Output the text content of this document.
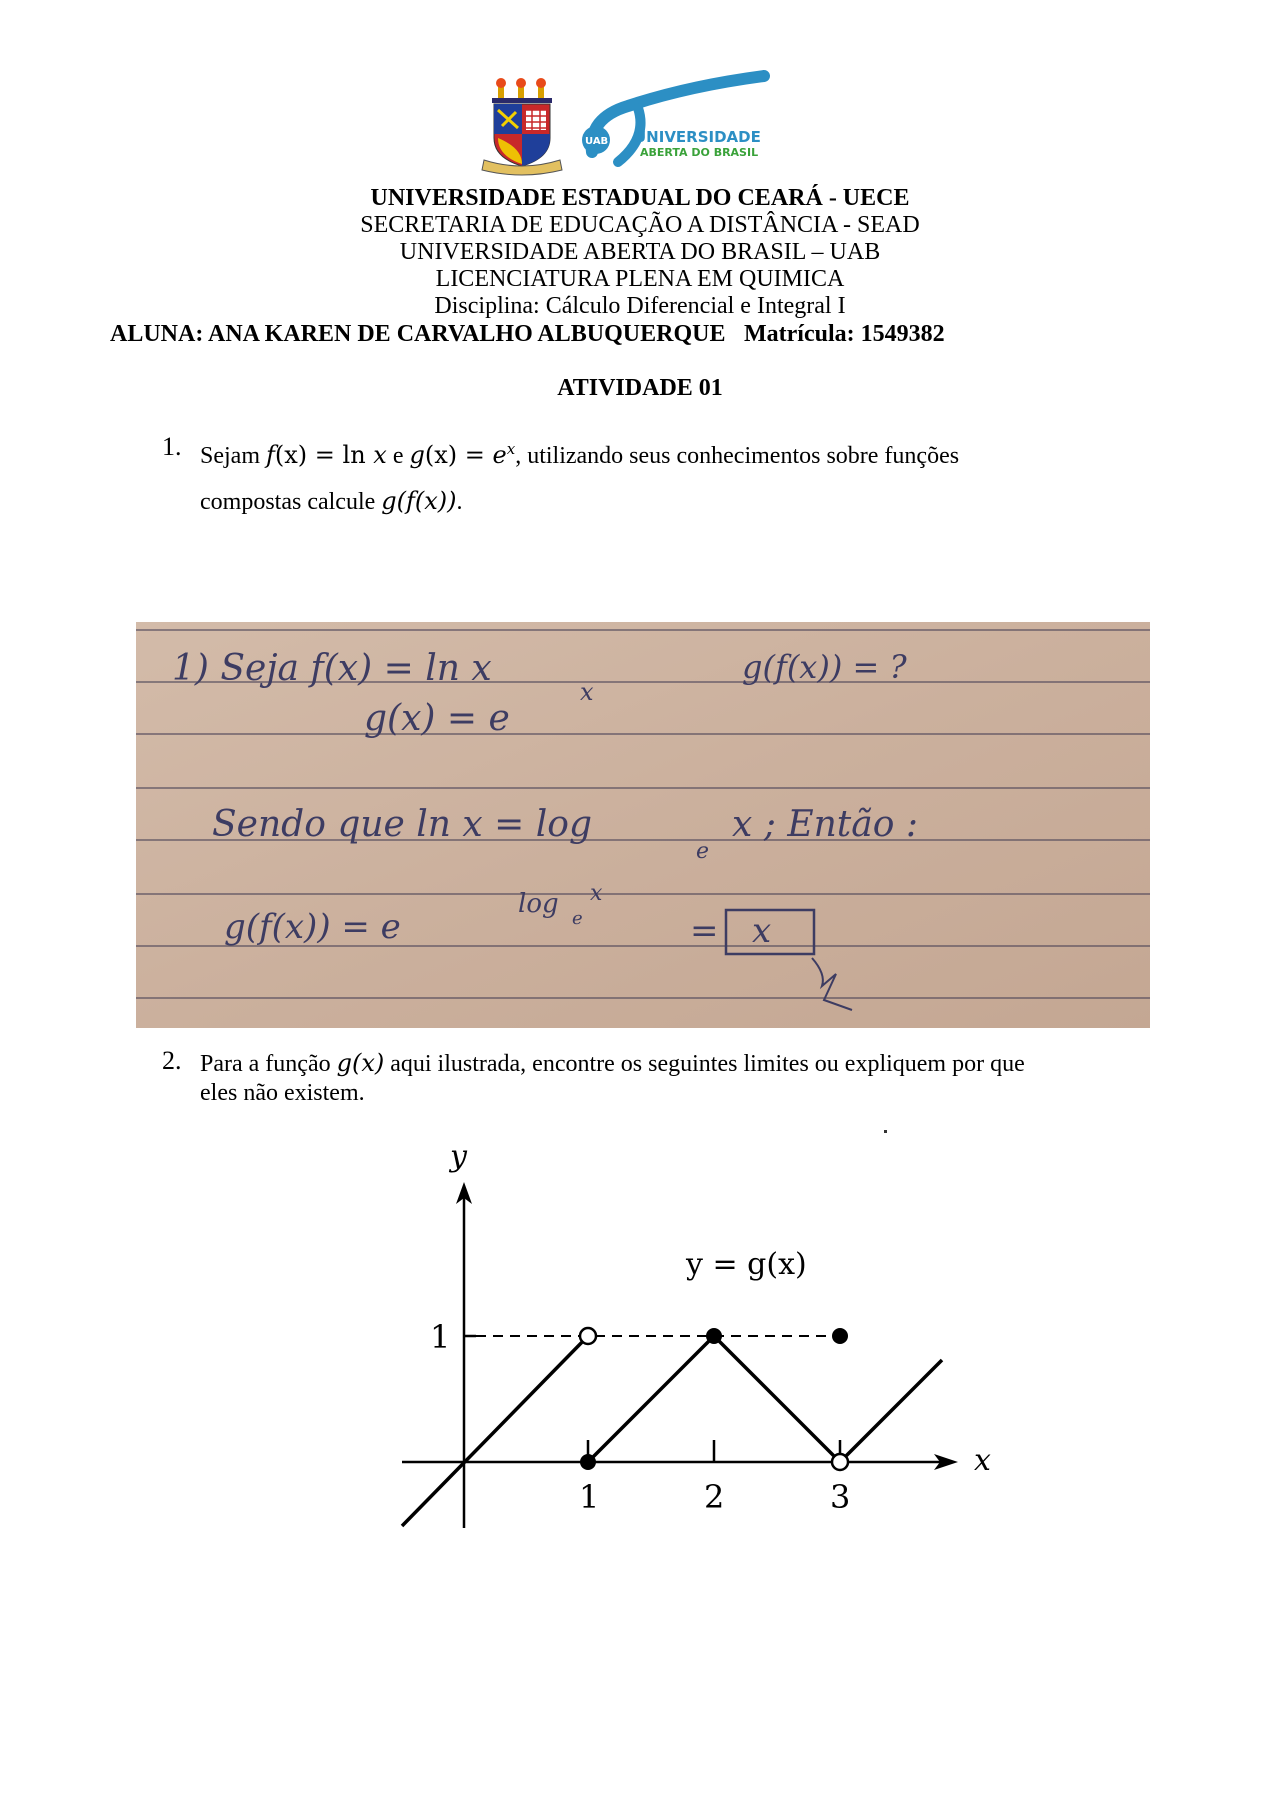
UAB UNIVERSIDADE
ABERTA DO BRASIL
UNIVERSIDADE ESTADUAL DO CEARÁ - UECE
SECRETARIA DE EDUCAÇÃO A DISTÂNCIA - SEAD
UNIVERSIDADE ABERTA DO BRASIL – UAB
LICENCIATURA PLENA EM QUIMICA
Disciplina: Cálculo Diferencial e Integral I
ALUNA: ANA KAREN DE CARVALHO ALBUQUERQUE Matrícula: 1549382
ATIVIDADE 01
1. Sejam f(x) = ln x e $g(x) = e^x$, utilizando seus conhecimentos sobre funções
compostas calcule g(f(x)).
1) Seja f(x) = ln x	g(f(x)) = ?
g(x) = e
x
Sendo que ln x = log
e
x ; Então :
g(f(x)) = e
log e
x
= x
2. Para a função g(x) aqui ilustrada, encontre os seguintes limites ou expliquem por que
eles não existem.
y
x
y = g(x)
1
1	2	3
